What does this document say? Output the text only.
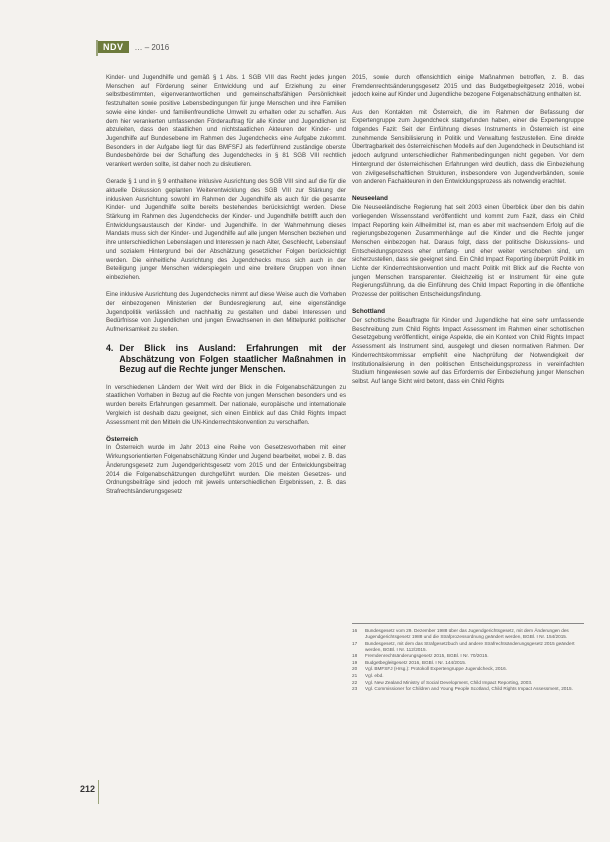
NDV	… – 2016

Kinder- und Jugendhilfe und gemäß § 1 Abs. 1 SGB VIII das Recht jedes jungen Menschen auf Förderung seiner Entwicklung und auf Erziehung zu einer selbstbestimmten, eigenverantwortlichen und gemeinschaftsfähigen Persönlichkeit festzuhalten sowie positive Lebensbedingungen für junge Menschen und ihre Familien sowie eine kinder- und familienfreundliche Umwelt zu erhalten oder zu schaffen. Aus dem hier verankerten umfassenden Förderauftrag für alle Kinder und Jugendlichen ist abzuleiten, dass den staatlichen und nichtstaatlichen Akteuren der Kinder- und Jugendhilfe auf Bundesebene im Rahmen des Jugendchecks eine Aufgabe zukommt. Besonders in der Aufgabe liegt für das BMFSFJ als federführend zuständige oberste Bundesbehörde bei der Schaffung des Jugendchecks in § 81 SGB VIII rechtlich verankert werden sollte, ist daher noch zu diskutieren.

Gerade § 1 und in § 9 enthaltene inklusive Ausrichtung des SGB VIII sind auf die für die aktuelle Diskussion geplanten Weiterentwicklung des SGB VIII zur Stärkung der inklusiven Ausrichtung sowohl im Rahmen der Jugendhilfe als auch für die gesamte Kinder- und Jugendhilfe sollte bereits bestehendes berücksichtigt werden. Diese Stärkung im Rahmen des Jugendchecks der Kinder- und Jugendhilfe betrifft auch den Entwicklungsaustausch der Kinder- und Jugendhilfe. In der Wahrnehmung dieses Mandats muss sich der Kinder- und Jugendhilfe auf alle jungen Menschen beziehen und ihre unterschiedlichen Lebenslagen und Interessen je nach Alter, Geschlecht, Lebenslauf und sozialem Hintergrund bei der Abschätzung gesetzlicher Folgen berücksichtigt werden. Die einheitliche Ausrichtung des Jugendchecks muss sich auch in der Beteiligung junger Menschen widerspiegeln und eine breitere Gruppen von ihnen einbeziehen.

Eine inklusive Ausrichtung des Jugendchecks nimmt auf diese Weise auch die Vorhaben der einbezogenen Ministerien der Bundesregierung auf, eine eigenständige Jugendpolitik verlässlich und nachhaltig zu gestalten und dabei Interessen und Bedürfnisse von Jugendlichen und jungen Erwachsenen in den Mittelpunkt politischer Aufmerksamkeit zu stellen.

4. Der Blick ins Ausland: Erfahrungen mit der Abschätzung von Folgen staatlicher Maßnahmen in Bezug auf die Rechte junger Menschen.

In verschiedenen Ländern der Welt wird der Blick in die Folgenabschätzungen zu staatlichen Vorhaben in Bezug auf die Rechte von jungen Menschen besonders und es wurden bereits Erfahrungen gesammelt. Der nationale, europäische und internationale Vergleich ist deshalb dazu geeignet, sich einen Einblick auf das Child Rights Impact Assessment mit den Mitteln die UN-Kinderrechtskonvention zu verschaffen.

Österreich

In Österreich wurde im Jahr 2013 eine Reihe von Gesetzesvorhaben mit einer Wirkungsorientierten Folgenabschätzung Kinder und Jugend bearbeitet, wobei z. B. das Änderungsgesetz zum Jugendgerichtsgesetz vom 2015 und der Entwicklungsbeitrag 2014 die Folgenabschätzungen durchgeführt wurden. Die meisten Gesetzes- und Ordnungsbeiträge sind jedoch mit jeweils unterschiedlichen Ergebnissen, z. B. das Strafrechtsänderungsgesetz

2015, sowie durch offensichtlich einige Maßnahmen betroffen, z. B. das Fremdenrechtsänderungsgesetz 2015 und das Budgetbegleitgesetz 2016, wobei jedoch keine auf Kinder und Jugendliche bezogene Folgenabschätzung enthalten ist.

Aus den Kontakten mit Österreich, die im Rahmen der Befassung der Expertengruppe zum Jugendcheck stattgefunden haben, einer die Expertengruppe folgendes Fazit: Seit der Einführung dieses Instruments in Österreich ist eine zunehmende Sensibilisierung in Politik und Verwaltung festzustellen. Eine direkte Übertragbarkeit des österreichischen Modells auf den Jugendcheck in Deutschland ist jedoch aufgrund unterschiedlicher Rahmenbedingungen nicht gegeben. Vor dem Hintergrund der österreichischen Erfahrungen wird deutlich, dass die Einbeziehung von zivilgesellschaftlichen Strukturen, insbesondere von Jugendverbänden, sowie von anderen Fachakteuren in den Entwicklungsprozess als notwendig erachtet.

Neuseeland

Die Neuseeländische Regierung hat seit 2003 einen Überblick über den bis dahin vorliegenden Wissensstand veröffentlicht und kommt zum Fazit, dass ein Child Impact Reporting kein Allheilmittel ist, man es aber mit wachsendem Erfolg auf die regierungsbezogenen Zusammenhänge auf die Kinder und die Rechte junger Menschen einbezogen hat. Daraus folgt, dass der politische Diskussions- und Entscheidungsprozess eher umfang- und eher weiter verschoben sind, um sicherzustellen, dass sie geeignet sind. Ein Child Impact Reporting überprüft Politik im Lichte der Kinderrechtskonvention und macht Politik mit Blick auf die Rechte von jungen Menschen transparenter. Gleichzeitig ist er Instrument für eine gute Regierungsführung, da die Einführung des Child Impact Reporting in die öffentliche Prozesse der politischen Entscheidungsfindung.

Schottland

Der schottische Beauftragte für Kinder und Jugendliche hat eine sehr umfassende Beschreibung zum Child Rights Impact Assessment im Rahmen einer schottischen Gesetzgebung veröffentlicht, einige Aspekte, die ein Kontext von Child Rights Impact Assessment als Instrument sind, ausgelegt und diesen normativen Rahmen. Der Kinderrechtskommissar empfiehlt eine Nachprüfung der Notwendigkeit der Institutionalisierung in den politischen Entscheidungsprozess in vereinfachten Studium hingewiesen sowie auf das Erfordernis der Einbeziehung junger Menschen selbst. Auf lange Sicht wird betont, dass ein Child Rights

16	Bundesgesetz vom 29. Dezember 1988 über das Jugendgerichtsgesetz, mit dem Änderungen des Jugendgerichtsgesetz 1988 und die Strafprozessordnung geändert werden, BGBl. I Nr. 154/2015.
17	Bundesgesetz, mit dem das Strafgesetzbuch und andere Strafrechtsänderungsgesetz 2015 geändert werden, BGBl. I Nr. 112/2015.
18	Fremdenrechtsänderungsgesetz 2015, BGBl. I Nr. 70/2015.
19	Budgetbegleitgesetz 2016, BGBl. I Nr. 144/2015.
20	Vgl. BMFSFJ (Hrsg.): Protokoll Expertengruppe Jugendcheck, 2016.
21	Vgl. ebd.
22	Vgl. New Zealand Ministry of Social Development, Child Impact Reporting, 2003.
23	Vgl. Commissioner for Children and Young People Scotland, Child Rights Impact Assessment, 2015.
212
